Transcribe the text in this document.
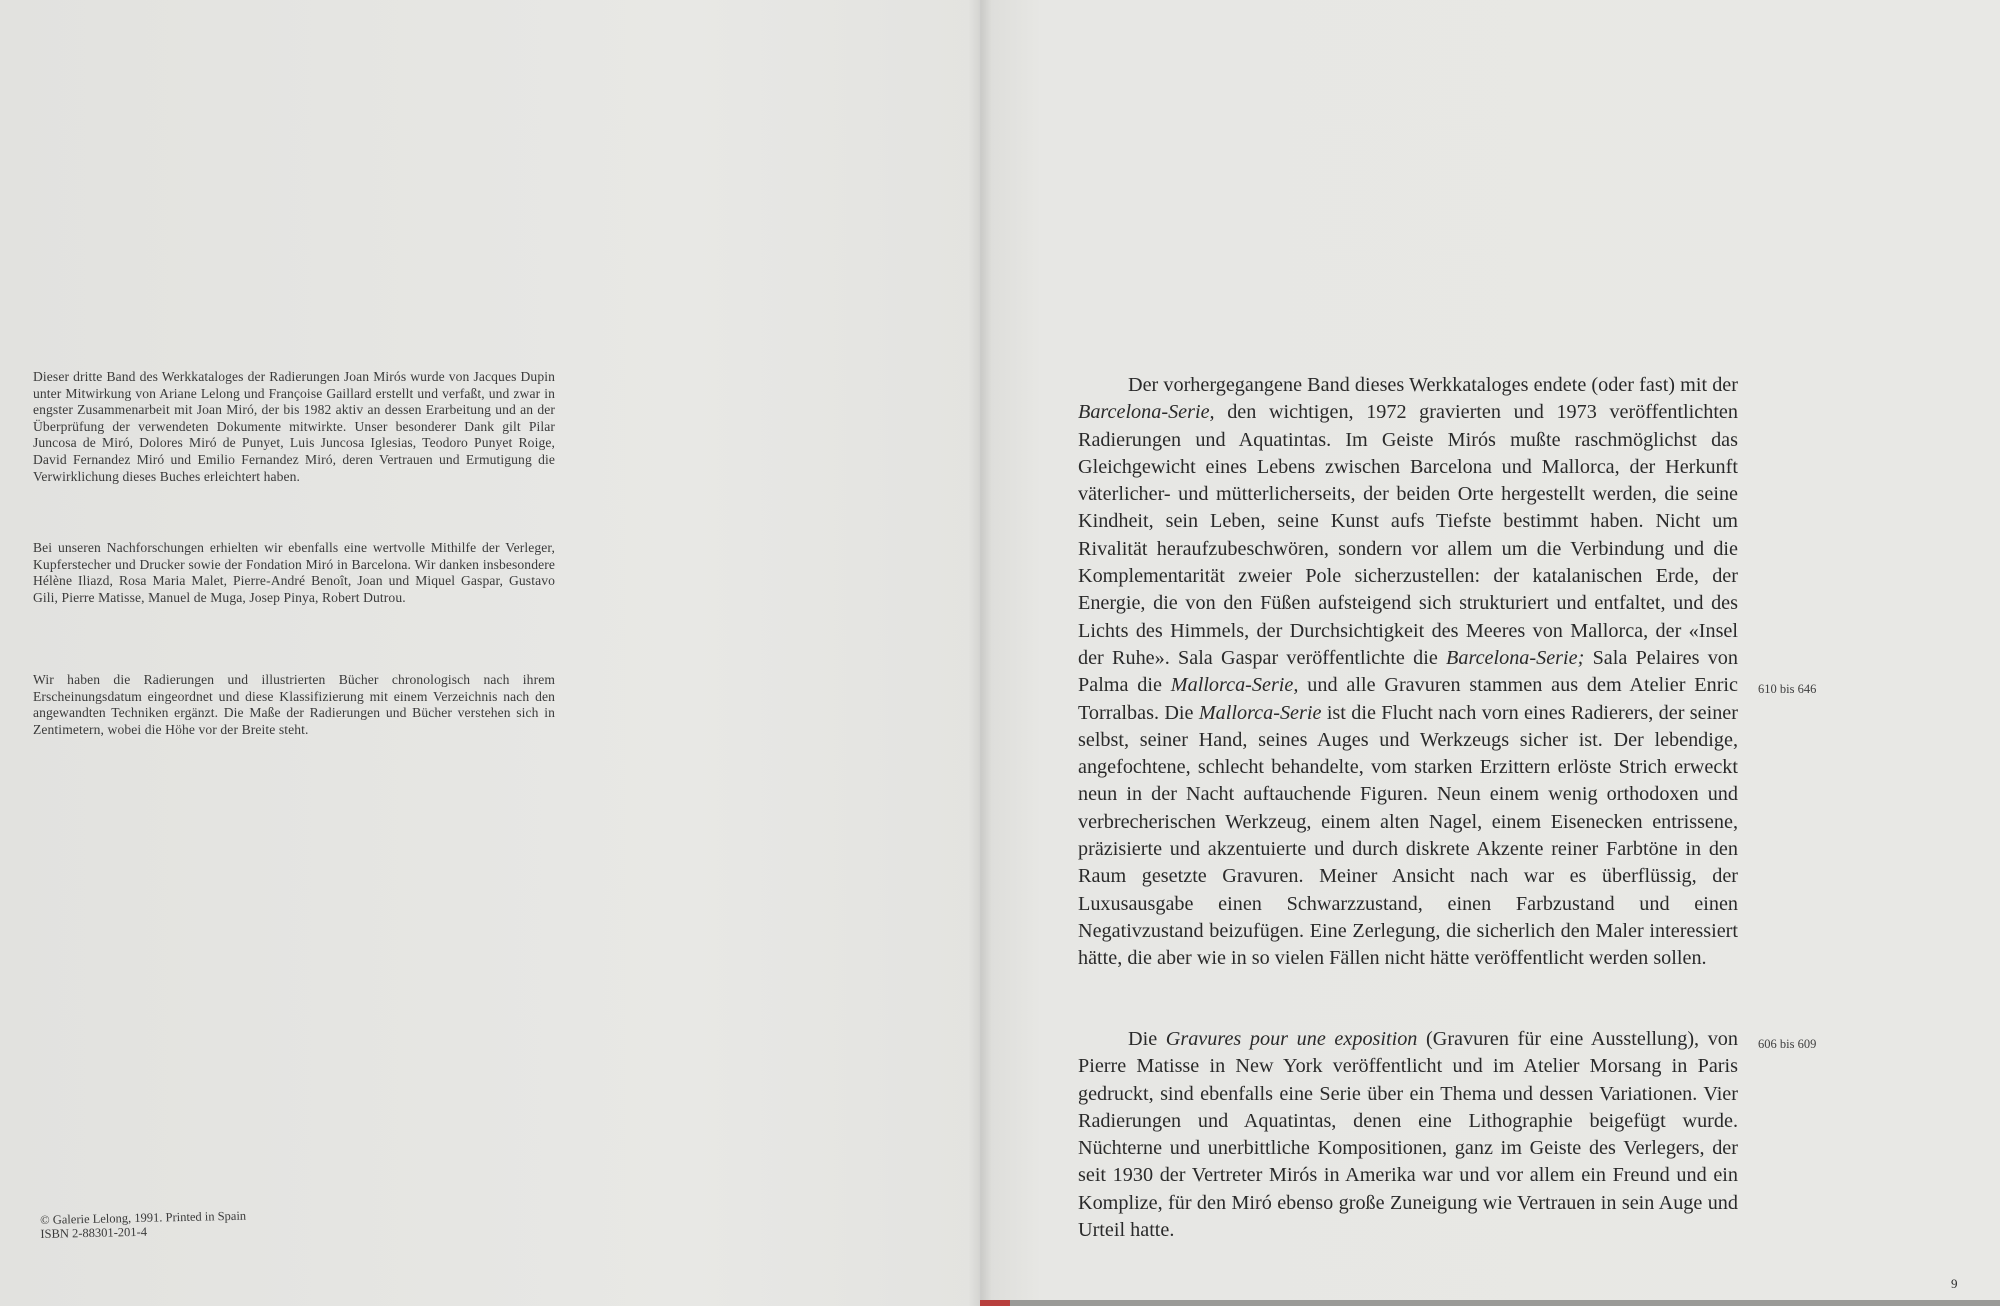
Dieser dritte Band des Werkkataloges der Radierungen Joan Mirós wurde von Jacques Dupin unter Mitwirkung von Ariane Lelong und Françoise Gaillard erstellt und verfaßt, und zwar in engster Zusammenarbeit mit Joan Miró, der bis 1982 aktiv an dessen Erarbeitung und an der Überprüfung der verwendeten Dokumente mitwirkte. Unser besonderer Dank gilt Pilar Juncosa de Miró, Dolores Miró de Punyet, Luis Juncosa Iglesias, Teodoro Punyet Roige, David Fernandez Miró und Emilio Fernandez Miró, deren Vertrauen und Ermutigung die Verwirklichung dieses Buches erleichtert haben.

Bei unseren Nachforschungen erhielten wir ebenfalls eine wertvolle Mithilfe der Verleger, Kupferstecher und Drucker sowie der Fondation Miró in Barcelona. Wir danken insbesondere Hélène Iliazd, Rosa Maria Malet, Pierre-André Benoît, Joan und Miquel Gaspar, Gustavo Gili, Pierre Matisse, Manuel de Muga, Josep Pinya, Robert Dutrou.

Wir haben die Radierungen und illustrierten Bücher chronologisch nach ihrem Erscheinungsdatum eingeordnet und diese Klassifizierung mit einem Verzeichnis nach den angewandten Techniken ergänzt. Die Maße der Radierungen und Bücher verstehen sich in Zentimetern, wobei die Höhe vor der Breite steht.

© Galerie Lelong, 1991. Printed in Spain
ISBN 2-88301-201-4

Der vorhergegangene Band dieses Werkkataloges endete (oder fast) mit der Barcelona-Serie, den wichtigen, 1972 gravierten und 1973 veröffentlichten Radierungen und Aquatintas. Im Geiste Mirós mußte raschmöglichst das Gleichgewicht eines Lebens zwischen Barcelona und Mallorca, der Herkunft väterlicher- und mütterlicherseits, der beiden Orte hergestellt werden, die seine Kindheit, sein Leben, seine Kunst aufs Tiefste bestimmt haben. Nicht um Rivalität heraufzubeschwören, sondern vor allem um die Verbindung und die Komplementarität zweier Pole sicherzustellen: der katalanischen Erde, der Energie, die von den Füßen aufsteigend sich strukturiert und entfaltet, und des Lichts des Himmels, der Durchsichtigkeit des Meeres von Mallorca, der «Insel der Ruhe». Sala Gaspar veröffentlichte die Barcelona-Serie; Sala Pelaires von Palma die Mallorca-Serie, und alle Gravuren stammen aus dem Atelier Enric Torralbas. Die Mallorca-Serie ist die Flucht nach vorn eines Radierers, der seiner selbst, seiner Hand, seines Auges und Werkzeugs sicher ist. Der lebendige, angefochtene, schlecht behandelte, vom starken Erzittern erlöste Strich erweckt neun in der Nacht auftauchende Figuren. Neun einem wenig orthodoxen und verbrecherischen Werkzeug, einem alten Nagel, einem Eisenecken entrissene, präzisierte und akzentuierte und durch diskrete Akzente reiner Farbtöne in den Raum gesetzte Gravuren. Meiner Ansicht nach war es überflüssig, der Luxusausgabe einen Schwarzzustand, einen Farbzustand und einen Negativzustand beizufügen. Eine Zerlegung, die sicherlich den Maler interessiert hätte, die aber wie in so vielen Fällen nicht hätte veröffentlicht werden sollen.

Die Gravures pour une exposition (Gravuren für eine Ausstellung), von Pierre Matisse in New York veröffentlicht und im Atelier Morsang in Paris gedruckt, sind ebenfalls eine Serie über ein Thema und dessen Variationen. Vier Radierungen und Aquatintas, denen eine Lithographie beigefügt wurde. Nüchterne und unerbittliche Kompositionen, ganz im Geiste des Verlegers, der seit 1930 der Vertreter Mirós in Amerika war und vor allem ein Freund und ein Komplize, für den Miró ebenso große Zuneigung wie Vertrauen in sein Auge und Urteil hatte.

610 bis 646
606 bis 609
9
